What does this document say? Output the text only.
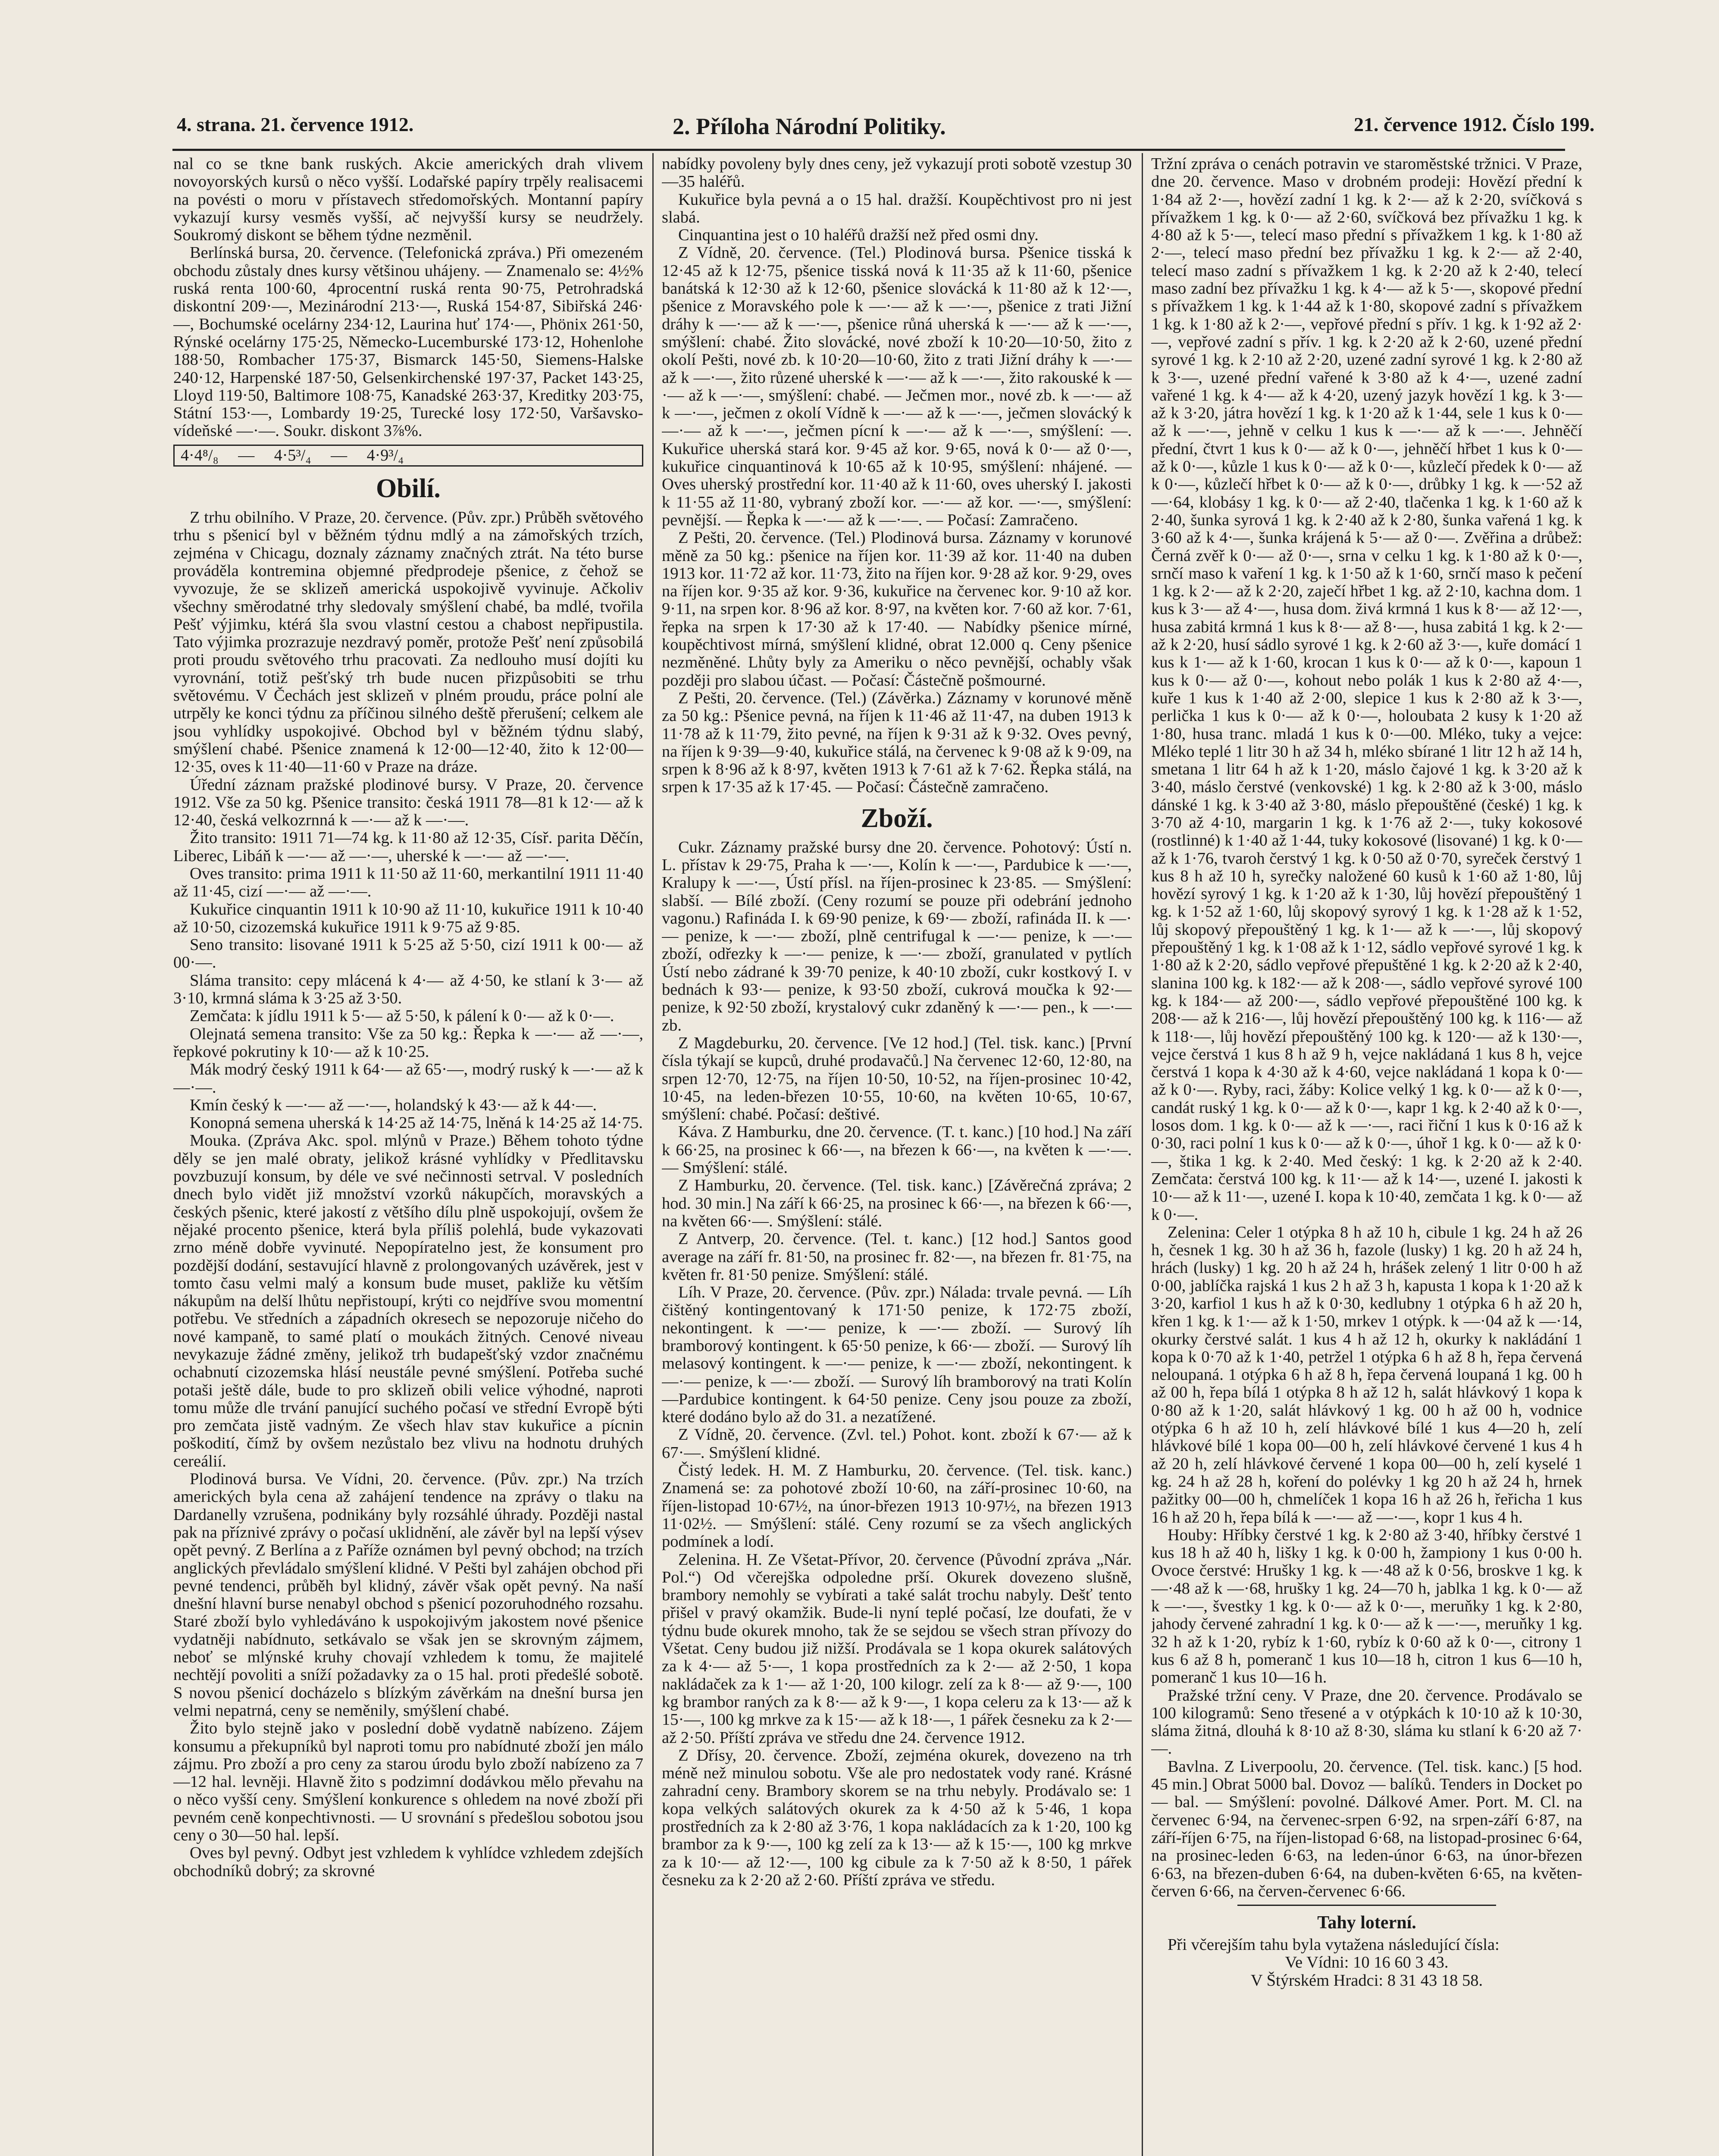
4. strana. 21. července 1912.	2. Příloha Národní Politiky.	21. července 1912. Číslo 199.

nal co se tkne bank ruských. Akcie amerických drah vlivem novoyorských kursů o něco vyšší. Lodařské papíry trpěly realisacemi na povésti o moru v přístavech středomořských. Montanní papíry vykazují kursy vesměs vyšší, ač nejvyšší kursy se neudržely. Soukromý diskont se během týdne nezměnil.

Berlínská bursa, 20. července. (Telefonická zpráva.) Při omezeném obchodu zůstaly dnes kursy většinou uhájeny. — Znamenalo se: 4½% ruská renta 100·60, 4procentní ruská renta 90·75, Petrohradská diskontní 209·—, Mezinárodní 213·—, Ruská 154·87, Sibiřská 246·—, Bochumské ocelárny 234·12, Laurina huť 174·—, Phönix 261·50, Rýnské ocelárny 175·25, Německo-Lucemburské 173·12, Hohenlohe 188·50, Rombacher 175·37, Bismarck 145·50, Siemens-Halske 240·12, Harpenské 187·50, Gelsenkirchenské 197·37, Packet 143·25, Lloyd 119·50, Baltimore 108·75, Kanadské 263·37, Kreditky 203·75, Státní 153·—, Lombardy 19·25, Turecké losy 172·50, Varšavsko-vídeňské —·—. Soukr. diskont 3⅞%.

4·4⁸/₈ — 4·5³/₄ — 4·9³/₄
Obilí.

Z trhu obilního. V Praze, 20. července. (Pův. zpr.) Průběh světového trhu s pšenicí byl v běžném týdnu mdlý a na zámořských trzích, zejména v Chicagu, doznaly záznamy značných ztrát. Na této burse prováděla kontremina objemné předprodeje pšenice, z čehož se vyvozuje, že se sklizeň americká uspokojivě vyvinuje. Ačkoliv všechny směrodatné trhy sledovaly smýšlení chabé, ba mdlé, tvořila Pešť výjimku, ktérá šla svou vlastní cestou a chabost nepřipustila. Tato výjimka prozrazuje nezdravý poměr, protože Pešť není způsobilá proti proudu světového trhu pracovati. Za nedlouho musí dojíti ku vyrovnání, totiž pešťský trh bude nucen přizpůsobiti se trhu světovému. V Čechách jest sklizeň v plném proudu, práce polní ale utrpěly ke konci týdnu za příčinou silného deště přerušení; celkem ale jsou vyhlídky uspokojivé. Obchod byl v běžném týdnu slabý, smýšlení chabé. Pšenice znamená k 12·00—12·40, žito k 12·00—12·35, oves k 11·40—11·60 v Praze na dráze.

Úřední záznam pražské plodinové bursy. V Praze, 20. července 1912. Vše za 50 kg. Pšenice transito: česká 1911 78—81 k 12·— až k 12·40, česká velkozrnná k —·— až k —·—.

Žito transito: 1911 71—74 kg. k 11·80 až 12·35, Císř. parita Děčín, Liberec, Libáň k —·— až —·—, uherské k —·— až —·—.

Oves transito: prima 1911 k 11·50 až 11·60, merkantilní 1911 11·40 až 11·45, cizí —·— až —·—.

Kukuřice cinquantin 1911 k 10·90 až 11·10, kukuřice 1911 k 10·40 až 10·50, cizozemská kukuřice 1911 k 9·75 až 9·85.

Seno transito: lisované 1911 k 5·25 až 5·50, cizí 1911 k 00·— až 00·—.

Sláma transito: cepy mlácená k 4·— až 4·50, ke stlaní k 3·— až 3·10, krmná sláma k 3·25 až 3·50.

Zemčata: k jídlu 1911 k 5·— až 5·50, k pálení k 0·— až k 0·—.

Olejnatá semena transito: Vše za 50 kg.: Řepka k —·— až —·—, řepkové pokrutiny k 10·— až k 10·25.

Mák modrý český 1911 k 64·— až 65·—, modrý ruský k —·— až k —·—.

Kmín český k —·— až —·—, holandský k 43·— až k 44·—.

Konopná semena uherská k 14·25 až 14·75, lněná k 14·25 až 14·75.

Mouka. (Zpráva Akc. spol. mlýnů v Praze.) Během tohoto týdne děly se jen malé obraty, jelikož krásné vyhlídky v Předlitavsku povzbuzují konsum, by déle ve své nečinnosti setrval. V posledních dnech bylo vidět již množství vzorků nákupčích, moravských a českých pšenic, které jakostí z většího dílu plně uspokojují, ovšem že nějaké procento pšenice, která byla příliš polehlá, bude vykazovati zrno méně dobře vyvinuté. Nepopíratelno jest, že konsument pro pozdější dodání, sestavující hlavně z prolongovaných uzávěrek, jest v tomto času velmi malý a konsum bude muset, pakliže ku větším nákupům na delší lhůtu nepřistoupí, krýti co nejdříve svou momentní potřebu. Ve středních a západních okresech se nepozoruje ničeho do nové kampaně, to samé platí o moukách žitných. Cenové niveau nevykazuje žádné změny, jelikož trh budapešťský vzdor značnému ochabnutí cizozemska hlásí neustále pevné smýšlení. Potřeba suché potaši ještě dále, bude to pro sklizeň obili velice výhodné, naproti tomu může dle trvání panující suchého počasí ve střední Evropě býti pro zemčata jistě vadným. Ze všech hlav stav kukuřice a pícnin poškodití, čímž by ovšem nezůstalo bez vlivu na hodnotu druhých cereálií.

Plodinová bursa. Ve Vídni, 20. července. (Pův. zpr.) Na trzích amerických byla cena až zahájení tendence na zprávy o tlaku na Dardanelly vzrušena, podnikány byly rozsáhlé úhrady. Později nastal pak na příznivé zprávy o počasí uklidnění, ale závěr byl na lepší výsev opět pevný. Z Berlína a z Paříže oznámen byl pevný obchod; na trzích anglických převládalo smýšlení klidné. V Pešti byl zahájen obchod při pevné tendenci, průběh byl klidný, závěr však opět pevný. Na naší dnešní hlavní burse nenabyl obchod s pšenicí pozoruhodného rozsahu. Staré zboží bylo vyhledáváno k uspokojivým jakostem nové pšenice vydatněji nabídnuto, setkávalo se však jen se skrovným zájmem, neboť se mlýnské kruhy chovají vzhledem k tomu, že majitelé nechtějí povoliti a sníží požadavky za o 15 hal. proti předešlé sobotě. S novou pšenicí docházelo s blízkým závěrkám na dnešní bursa jen velmi nepatrná, ceny se neměnily, smýšlení chabé.

Žito bylo stejně jako v poslední době vydatně nabízeno. Zájem konsumu a překupníků byl naproti tomu pro nabídnuté zboží jen málo zájmu. Pro zboží a pro ceny za starou úrodu bylo zboží nabízeno za 7—12 hal. levněji. Hlavně žito s podzimní dodávkou mělo převahu na o něco vyšší ceny. Smýšlení konkurence s ohledem na nové zboží při pevném ceně konpechtivnosti. — U srovnání s předešlou sobotou jsou ceny o 30—50 hal. lepší.

Oves byl pevný. Odbyt jest vzhledem k vyhlídce vzhledem zdejších obchodníků dobrý; za skrovné

nabídky povoleny byly dnes ceny, jež vykazují proti sobotě vzestup 30—35 haléřů.

Kukuřice byla pevná a o 15 hal. dražší. Koupěchtivost pro ni jest slabá.

Cinquantina jest o 10 haléřů dražší než před osmi dny.

Z Vídně, 20. července. (Tel.) Plodinová bursa. Pšenice tisská k 12·45 až k 12·75, pšenice tisská nová k 11·35 až k 11·60, pšenice banátská k 12·30 až k 12·60, pšenice slovácká k 11·80 až k 12·—, pšenice z Moravského pole k —·— až k —·—, pšenice z trati Jižní dráhy k —·— až k —·—, pšenice růná uherská k —·— až k —·—, smýšlení: chabé. Žito slovácké, nové zboží k 10·20—10·50, žito z okolí Pešti, nové zb. k 10·20—10·60, žito z trati Jižní dráhy k —·— až k —·—, žito růzené uherské k —·— až k —·—, žito rakouské k —·— až k —·—, smýšlení: chabé. — Ječmen mor., nové zb. k —·— až k —·—, ječmen z okolí Vídně k —·— až k —·—, ječmen slovácký k —·— až k —·—, ječmen pícní k —·— až k —·—, smýšlení: —. Kukuřice uherská stará kor. 9·45 až kor. 9·65, nová k 0·— až 0·—, kukuřice cinquantinová k 10·65 až k 10·95, smýšlení: nhájené. — Oves uherský prostřední kor. 11·40 až k 11·60, oves uherský I. jakosti k 11·55 až 11·80, vybraný zboží kor. —·— až kor. —·—, smýšlení: pevnější. — Řepka k —·— až k —·—. — Počasí: Zamračeno.

Z Pešti, 20. července. (Tel.) Plodinová bursa. Záznamy v korunové měně za 50 kg.: pšenice na říjen kor. 11·39 až kor. 11·40 na duben 1913 kor. 11·72 až kor. 11·73, žito na říjen kor. 9·28 až kor. 9·29, oves na říjen kor. 9·35 až kor. 9·36, kukuřice na červenec kor. 9·10 až kor. 9·11, na srpen kor. 8·96 až kor. 8·97, na květen kor. 7·60 až kor. 7·61, řepka na srpen k 17·30 až k 17·40. — Nabídky pšenice mírné, koupěchtivost mírná, smýšlení klidné, obrat 12.000 q. Ceny pšenice nezměněné. Lhůty byly za Ameriku o něco pevnější, ochably však později pro slabou účast. — Počasí: Částečně pošmourné.

Z Pešti, 20. července. (Tel.) (Závěrka.) Záznamy v korunové měně za 50 kg.: Pšenice pevná, na říjen k 11·46 až 11·47, na duben 1913 k 11·78 až k 11·79, žito pevné, na říjen k 9·31 až k 9·32. Oves pevný, na říjen k 9·39—9·40, kukuřice stálá, na červenec k 9·08 až k 9·09, na srpen k 8·96 až k 8·97, květen 1913 k 7·61 až k 7·62. Řepka stálá, na srpen k 17·35 až k 17·45. — Počasí: Částečně zamračeno.

Zboží.

Cukr. Záznamy pražské bursy dne 20. července. Pohotový: Ústí n. L. přístav k 29·75, Praha k —·—, Kolín k —·—, Pardubice k —·—, Kralupy k —·—, Ústí přísl. na říjen-prosinec k 23·85. — Smýšlení: slabší. — Bílé zboží. (Ceny rozumí se pouze při odebrání jednoho vagonu.) Rafináda I. k 69·90 penize, k 69·— zboží, rafináda II. k —·— penize, k —·— zboží, plně centrifugal k —·— penize, k —·— zboží, odřezky k —·— penize, k —·— zboží, granulated v pytlích Ústí nebo zádrané k 39·70 penize, k 40·10 zboží, cukr kostkový I. v bednách k 93·— penize, k 93·50 zboží, cukrová moučka k 92·— penize, k 92·50 zboží, krystalový cukr zdaněný k —·— pen., k —·— zb.

Z Magdeburku, 20. července. [Ve 12 hod.] (Tel. tisk. kanc.) [První čísla týkají se kupců, druhé prodavačů.] Na červenec 12·60, 12·80, na srpen 12·70, 12·75, na říjen 10·50, 10·52, na říjen-prosinec 10·42, 10·45, na leden-březen 10·55, 10·60, na květen 10·65, 10·67, smýšlení: chabé. Počasí: deštivé.

Káva. Z Hamburku, dne 20. července. (T. t. kanc.) [10 hod.] Na září k 66·25, na prosinec k 66·—, na březen k 66·—, na květen k —·—. — Smýšlení: stálé.

Z Hamburku, 20. července. (Tel. tisk. kanc.) [Závěrečná zpráva; 2 hod. 30 min.] Na září k 66·25, na prosinec k 66·—, na březen k 66·—, na květen 66·—. Smýšlení: stálé.

Z Antverp, 20. července. (Tel. t. kanc.) [12 hod.] Santos good average na září fr. 81·50, na prosinec fr. 82·—, na březen fr. 81·75, na květen fr. 81·50 penize. Smýšlení: stálé.

Líh. V Praze, 20. července. (Pův. zpr.) Nálada: trvale pevná. — Líh čištěný kontingentovaný k 171·50 penize, k 172·75 zboží, nekontingent. k —·— penize, k —·— zboží. — Surový líh bramborový kontingent. k 65·50 penize, k 66·— zboží. — Surový líh melasový kontingent. k —·— penize, k —·— zboží, nekontingent. k —·— penize, k —·— zboží. — Surový líh bramborový na trati Kolín—Pardubice kontingent. k 64·50 penize. Ceny jsou pouze za zboží, které dodáno bylo až do 31. a nezatížené.

Z Vídně, 20. července. (Zvl. tel.) Pohot. kont. zboží k 67·— až k 67·—. Smýšlení klidné.

Čistý ledek. H. M. Z Hamburku, 20. července. (Tel. tisk. kanc.) Znamená se: za pohotové zboží 10·60, na září-prosinec 10·60, na říjen-listopad 10·67½, na únor-březen 1913 10·97½, na březen 1913 11·02½. — Smýšlení: stálé. Ceny rozumí se za všech anglických podmínek a lodí.

Zelenina. H. Ze Všetat-Přívor, 20. července (Původní zpráva „Nár. Pol.“) Od včerejška odpoledne prší. Okurek dovezeno slušně, brambory nemohly se vybírati a také salát trochu nabyly. Dešť tento přišel v pravý okamžik. Bude-li nyní teplé počasí, lze doufati, že v týdnu bude okurek mnoho, tak že se sejdou se všech stran přívozy do Všetat. Ceny budou již nižší. Prodávala se 1 kopa okurek salátových za k 4·— až 5·—, 1 kopa prostředních za k 2·— až 2·50, 1 kopa nakládaček za k 1·— až 1·20, 100 kilogr. zelí za k 8·— až 9·—, 100 kg brambor raných za k 8·— až k 9·—, 1 kopa celeru za k 13·— až k 15·—, 100 kg mrkve za k 15·— až k 18·—, 1 pářek česneku za k 2·— až 2·50. Příští zpráva ve středu dne 24. července 1912.

Z Dřísy, 20. července. Zboží, zejména okurek, dovezeno na trh méně než minulou sobotu. Vše ale pro nedostatek vody rané. Krásné zahradní ceny. Brambory skorem se na trhu nebyly. Prodávalo se: 1 kopa velkých salátových okurek za k 4·50 až k 5·46, 1 kopa prostředních za k 2·80 až 3·76, 1 kopa nakládacích za k 1·20, 100 kg brambor za k 9·—, 100 kg zelí za k 13·— až k 15·—, 100 kg mrkve za k 10·— až 12·—, 100 kg cibule za k 7·50 až k 8·50, 1 pářek česneku za k 2·20 až 2·60. Příští zpráva ve středu.

Tržní zpráva o cenách potravin ve staroměstské tržnici. V Praze, dne 20. července. Maso v drobném prodeji: Hovězí přední k 1·84 až 2·—, hovězí zadní 1 kg. k 2·— až k 2·20, svíčková s přívažkem 1 kg. k 0·— až 2·60, svíčková bez přívažku 1 kg. k 4·80 až k 5·—, telecí maso přední s přívažkem 1 kg. k 1·80 až 2·—, telecí maso přední bez přívažku 1 kg. k 2·— až 2·40, telecí maso zadní s přívažkem 1 kg. k 2·20 až k 2·40, telecí maso zadní bez přívažku 1 kg. k 4·— až k 5·—, skopové přední s přívažkem 1 kg. k 1·44 až k 1·80, skopové zadní s přívažkem 1 kg. k 1·80 až k 2·—, vepřové přední s přív. 1 kg. k 1·92 až 2·—, vepřové zadní s přív. 1 kg. k 2·20 až k 2·60, uzené přední syrové 1 kg. k 2·10 až 2·20, uzené zadní syrové 1 kg. k 2·80 až k 3·—, uzené přední vařené k 3·80 až k 4·—, uzené zadní vařené 1 kg. k 4·— až k 4·20, uzený jazyk hovězí 1 kg. k 3·— až k 3·20, játra hovězí 1 kg. k 1·20 až k 1·44, sele 1 kus k 0·— až k —·—, jehně v celku 1 kus k —·— až k —·—. Jehněčí přední, čtvrt 1 kus k 0·— až k 0·—, jehněčí hřbet 1 kus k 0·— až k 0·—, kůzle 1 kus k 0·— až k 0·—, kůzlečí předek k 0·— až k 0·—, kůzlečí hřbet k 0·— až k 0·—, drůbky 1 kg. k —·52 až —·64, klobásy 1 kg. k 0·— až 2·40, tlačenka 1 kg. k 1·60 až k 2·40, šunka syrová 1 kg. k 2·40 až k 2·80, šunka vařená 1 kg. k 3·60 až k 4·—, šunka krájená k 5·— až 0·—. Zvěřina a drůbež: Černá zvěř k 0·— až 0·—, srna v celku 1 kg. k 1·80 až k 0·—, srnčí maso k vaření 1 kg. k 1·50 až k 1·60, srnčí maso k pečení 1 kg. k 2·— až k 2·20, zaječí hřbet 1 kg. až 2·10, kachna dom. 1 kus k 3·— až 4·—, husa dom. živá krmná 1 kus k 8·— až 12·—, husa zabitá krmná 1 kus k 8·— až 8·—, husa zabitá 1 kg. k 2·— až k 2·20, husí sádlo syrové 1 kg. k 2·60 až 3·—, kuře domácí 1 kus k 1·— až k 1·60, krocan 1 kus k 0·— až k 0·—, kapoun 1 kus k 0·— až 0·—, kohout nebo polák 1 kus k 2·80 až 4·—, kuře 1 kus k 1·40 až 2·00, slepice 1 kus k 2·80 až k 3·—, perlička 1 kus k 0·— až k 0·—, holoubata 2 kusy k 1·20 až 1·80, husa tranc. mladá 1 kus k 0·—00. Mléko, tuky a vejce: Mléko teplé 1 litr 30 h až 34 h, mléko sbírané 1 litr 12 h až 14 h, smetana 1 litr 64 h až k 1·20, máslo čajové 1 kg. k 3·20 až k 3·40, máslo čerstvé (venkovské) 1 kg. k 2·80 až k 3·00, máslo dánské 1 kg. k 3·40 až 3·80, máslo přepouštěné (české) 1 kg. k 3·70 až 4·10, margarin 1 kg. k 1·76 až 2·—, tuky kokosové (rostlinné) k 1·40 až 1·44, tuky kokosové (lisované) 1 kg. k 0·— až k 1·76, tvaroh čerstvý 1 kg. k 0·50 až 0·70, syreček čerstvý 1 kus 8 h až 10 h, syrečky naložené 60 kusů k 1·60 až 1·80, lůj hovězí syrový 1 kg. k 1·20 až k 1·30, lůj hovězí přepouštěný 1 kg. k 1·52 až 1·60, lůj skopový syrový 1 kg. k 1·28 až k 1·52, lůj skopový přepouštěný 1 kg. k 1·— až k —·—, lůj skopový přepouštěný 1 kg. k 1·08 až k 1·12, sádlo vepřové syrové 1 kg. k 1·80 až k 2·20, sádlo vepřové přepuštěné 1 kg. k 2·20 až k 2·40, slanina 100 kg. k 182·— až k 208·—, sádlo vepřové syrové 100 kg. k 184·— až 200·—, sádlo vepřové přepouštěné 100 kg. k 208·— až k 216·—, lůj hovězí přepouštěný 100 kg. k 116·— až k 118·—, lůj hovězí přepouštěný 100 kg. k 120·— až k 130·—, vejce čerstvá 1 kus 8 h až 9 h, vejce nakládaná 1 kus 8 h, vejce čerstvá 1 kopa k 4·30 až k 4·60, vejce nakládaná 1 kopa k 0·— až k 0·—. Ryby, raci, žáby: Kolice velký 1 kg. k 0·— až k 0·—, candát ruský 1 kg. k 0·— až k 0·—, kapr 1 kg. k 2·40 až k 0·—, losos dom. 1 kg. k 0·— až k —·—, raci řiční 1 kus k 0·16 až k 0·30, raci polní 1 kus k 0·— až k 0·—, úhoř 1 kg. k 0·— až k 0·—, štika 1 kg. k 2·40. Med český: 1 kg. k 2·20 až k 2·40. Zemčata: čerstvá 100 kg. k 11·— až k 14·—, uzené I. jakosti k 10·— až k 11·—, uzené I. kopa k 10·40, zemčata 1 kg. k 0·— až k 0·—.

Zelenina: Celer 1 otýpka 8 h až 10 h, cibule 1 kg. 24 h až 26 h, česnek 1 kg. 30 h až 36 h, fazole (lusky) 1 kg. 20 h až 24 h, hrách (lusky) 1 kg. 20 h až 24 h, hrášek zelený 1 litr 0·00 h až 0·00, jablíčka rajská 1 kus 2 h až 3 h, kapusta 1 kopa k 1·20 až k 3·20, karfiol 1 kus h až k 0·30, kedlubny 1 otýpka 6 h až 20 h, křen 1 kg. k 1·— až k 1·50, mrkev 1 otýpk. k —·04 až k —·14, okurky čerstvé salát. 1 kus 4 h až 12 h, okurky k nakládání 1 kopa k 0·70 až k 1·40, petržel 1 otýpka 6 h až 8 h, řepa červená neloupaná. 1 otýpka 6 h až 8 h, řepa červená loupaná 1 kg. 00 h až 00 h, řepa bílá 1 otýpka 8 h až 12 h, salát hlávkový 1 kopa k 0·80 až k 1·20, salát hlávkový 1 kg. 00 h až 00 h, vodnice otýpka 6 h až 10 h, zelí hlávkové bílé 1 kus 4—20 h, zelí hlávkové bílé 1 kopa 00—00 h, zelí hlávkové červené 1 kus 4 h až 20 h, zelí hlávkové červené 1 kopa 00—00 h, zelí kyselé 1 kg. 24 h až 28 h, koření do polévky 1 kg 20 h až 24 h, hrnek pažitky 00—00 h, chmelíček 1 kopa 16 h až 26 h, řeřicha 1 kus 16 h až 20 h, řepa bílá k —·— až —·—, kopr 1 kus 4 h.

Houby: Hříbky čerstvé 1 kg. k 2·80 až 3·40, hříbky čerstvé 1 kus 18 h až 40 h, lišky 1 kg. k 0·00 h, žampiony 1 kus 0·00 h. Ovoce čerstvé: Hrušky 1 kg. k —·48 až k 0·56, broskve 1 kg. k —·48 až k —·68, hrušky 1 kg. 24—70 h, jablka 1 kg. k 0·— až k —·—, švestky 1 kg. k 0·— až k 0·—, meruňky 1 kg. k 2·80, jahody červené zahradní 1 kg. k 0·— až k —·—, meruňky 1 kg. 32 h až k 1·20, rybíz k 1·60, rybíz k 0·60 až k 0·—, citrony 1 kus 6 až 8 h, pomeranč 1 kus 10—18 h, citron 1 kus 6—10 h, pomeranč 1 kus 10—16 h.

Pražské tržní ceny. V Praze, dne 20. července. Prodávalo se 100 kilogramů: Seno třesené a v otýpkách k 10·10 až k 10·30, sláma žitná, dlouhá k 8·10 až 8·30, sláma ku stlaní k 6·20 až 7·—.

Bavlna. Z Liverpoolu, 20. července. (Tel. tisk. kanc.) [5 hod. 45 min.] Obrat 5000 bal. Dovoz — balíků. Tenders in Docket po — bal. — Smýšlení: povolné. Dálkové Amer. Port. M. Cl. na červenec 6·94, na červenec-srpen 6·92, na srpen-září 6·87, na září-říjen 6·75, na říjen-listopad 6·68, na listopad-prosinec 6·64, na prosinec-leden 6·63, na leden-únor 6·63, na únor-březen 6·63, na březen-duben 6·64, na duben-květen 6·65, na květen-červen 6·66, na červen-červenec 6·66.

Tahy loterní.

Při včerejším tahu byla vytažena následující čísla:

Ve Vídni: 10 16 60 3 43.

V Štýrském Hradci: 8 31 43 18 58.
